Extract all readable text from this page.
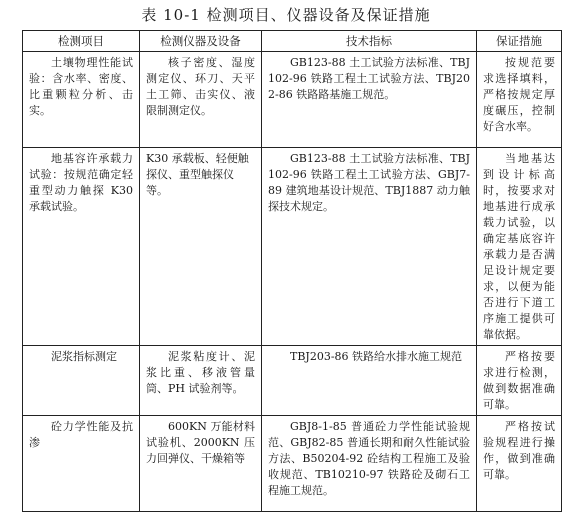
表 10-1 检测项目、仪器设备及保证措施
检测项目	检测仪器及设备	技术指标	保证措施

土壤物理性能试验：含水率、密度、比重颗粒分析、击实。	核子密度、湿度测定仪、环刀、天平土工筛、击实仪、液限制测定仪。	GB123-88 土工试验方法标准、TBJ102-96 铁路工程土工试验方法、TBJ202-86 铁路路基施工规范。	按规范要求选择填料，严格按规定厚度碾压，控制好含水率。

地基容许承载力试验：按规范确定轻重型动力触探 K30 承载试验。	K30 承载板、轻便触探仪、重型触探仪等。	GB123-88 土工试验方法标准、TBJ102-96 铁路工程土工试验方法、GBJ7-89 建筑地基设计规范、TBJ1887 动力触探技术规定。	当地基达到设计标高时，按要求对地基进行成承载力试验，以确定基底容许承载力是否满足设计规定要求，以便为能否进行下道工序施工提供可靠依据。

泥浆指标测定	泥浆粘度计、泥浆比重、移液管量筒、PH 试验剂等。	TBJ203-86 铁路给水排水施工规范	严格按要求进行检测，做到数据准确可靠。

砼力学性能及抗渗	600KN 万能材料试验机、2000KN 压力回弹仪、干燥箱等	GBJ8-1-85 普通砼力学性能试验规范、GBJ82-85 普通长期和耐久性能试验方法、B50204-92 砼结构工程施工及验收规范、TB10210-97 铁路砼及砌石工程施工规范。	严格按试验规程进行操作，做到准确可靠。
